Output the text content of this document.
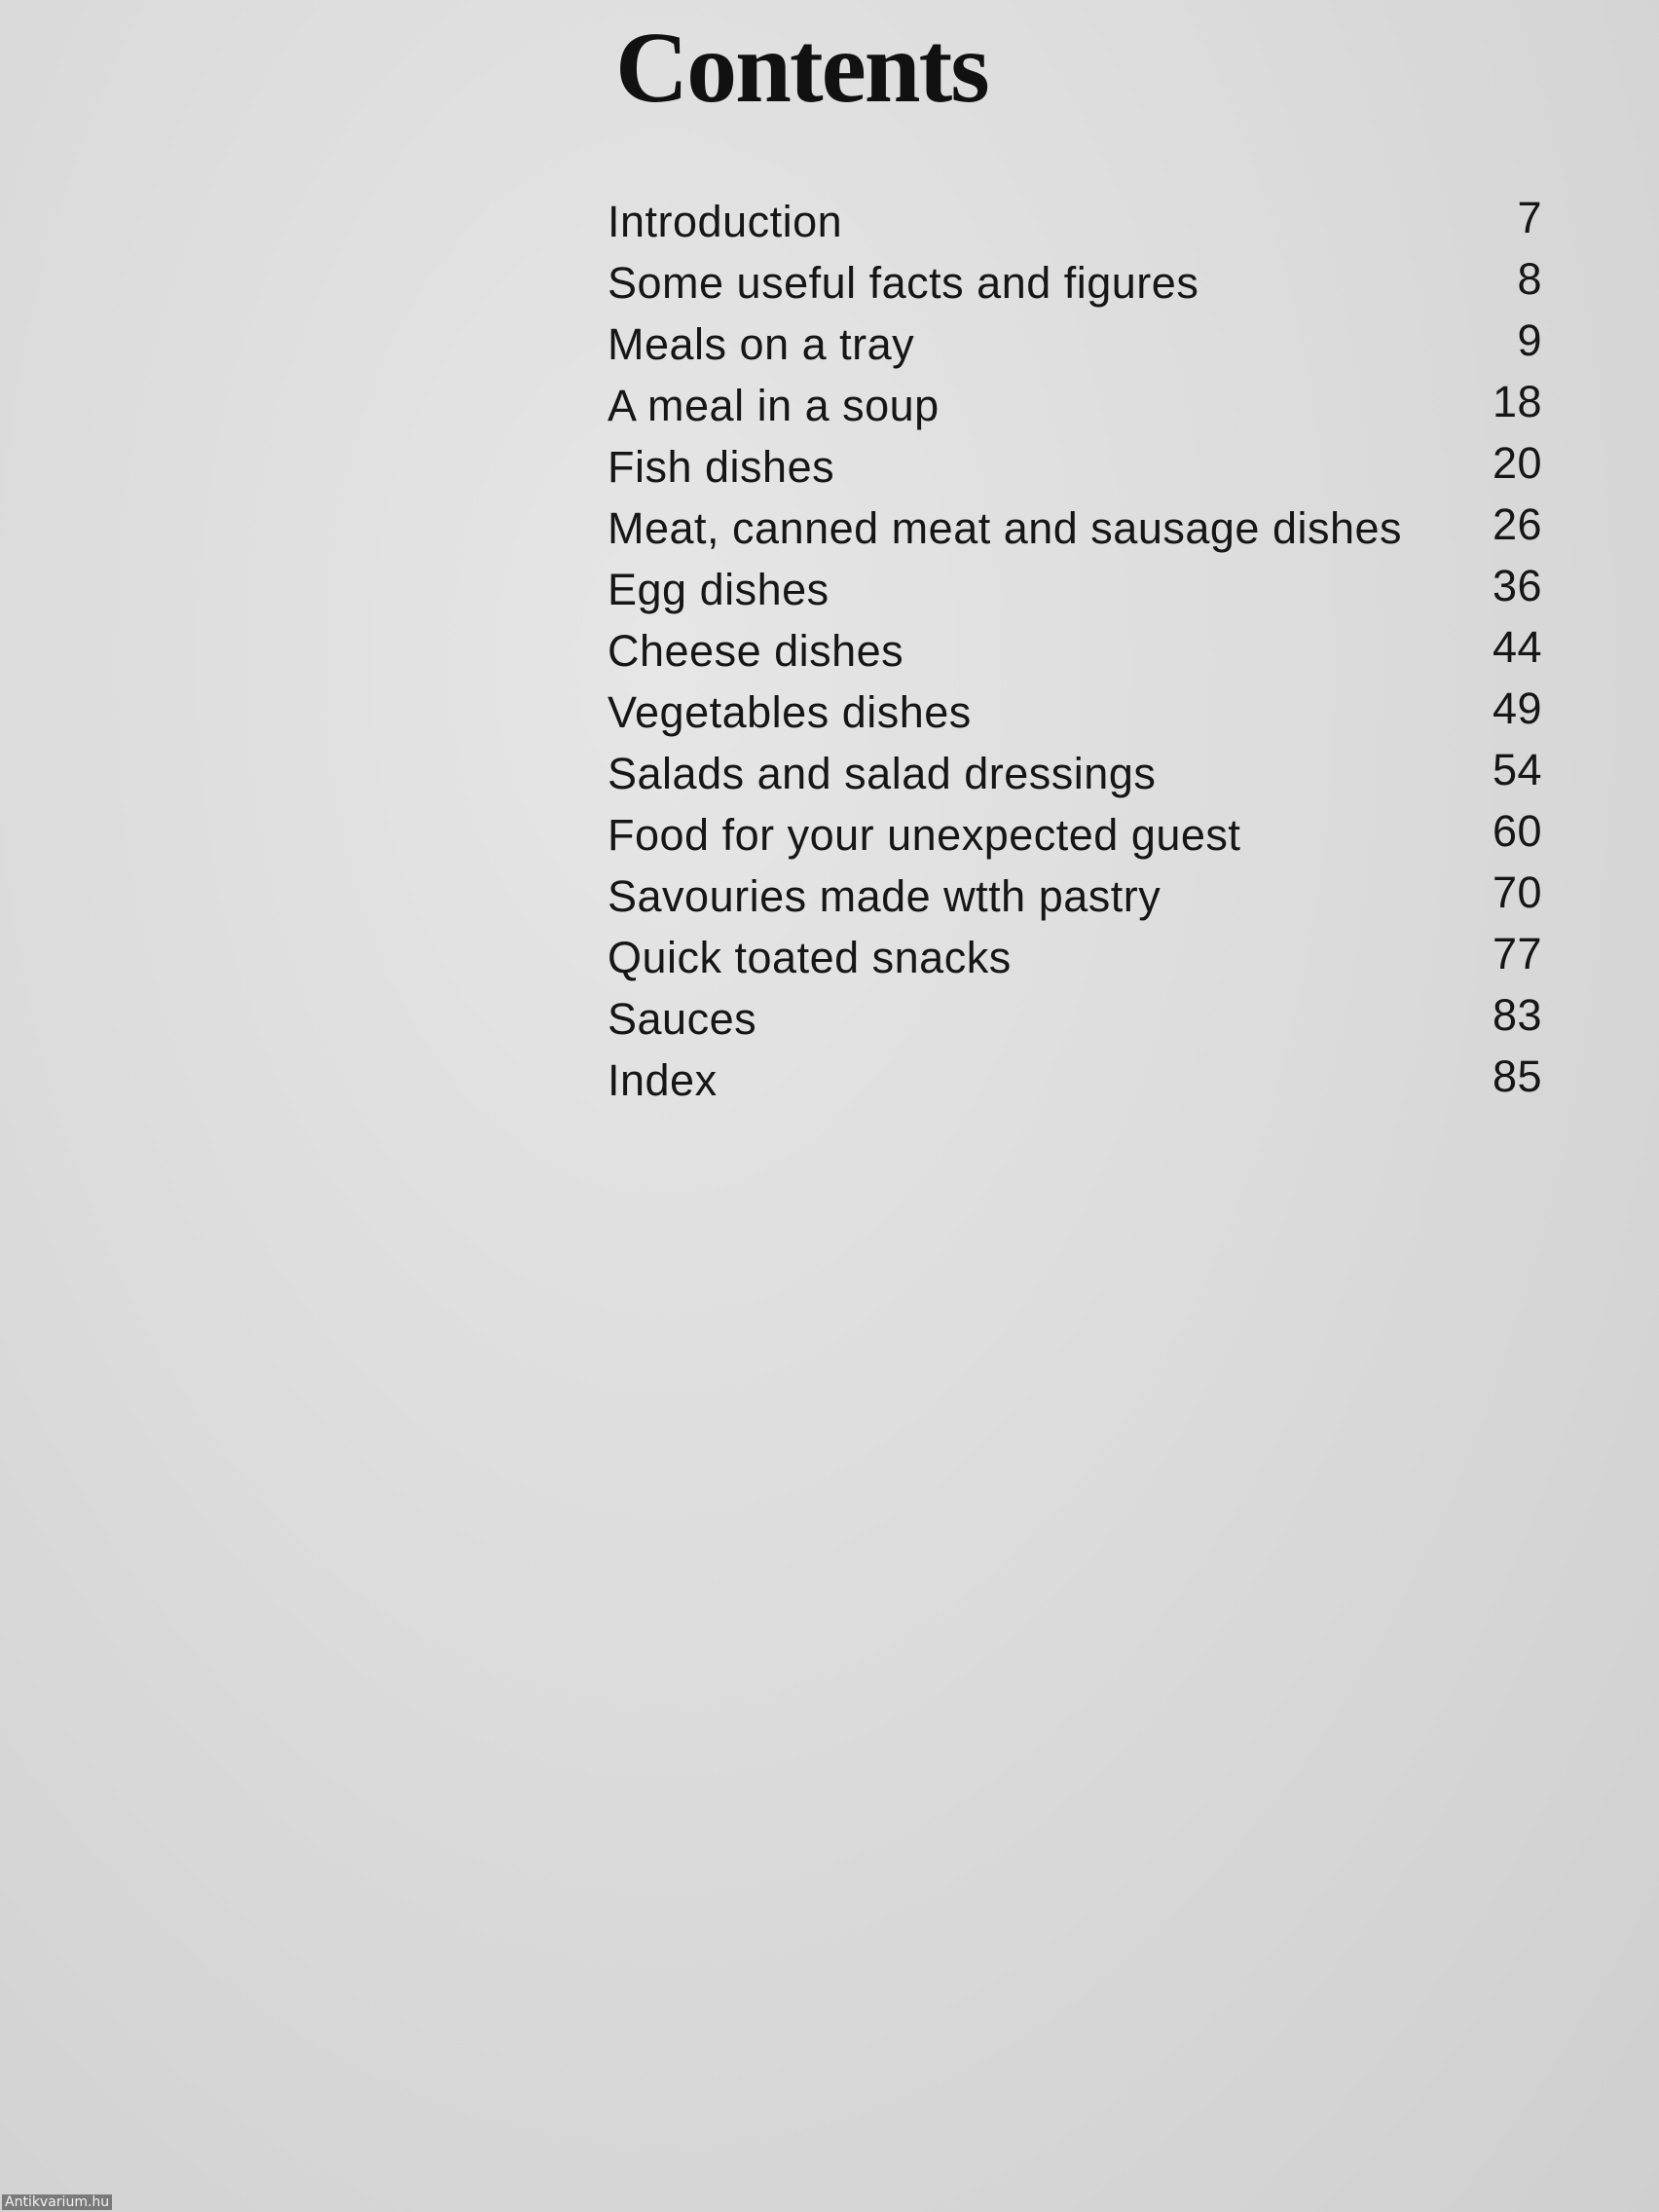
Contents
Introduction	7
Some useful facts and figures	8
Meals on a tray	9
A meal in a soup	18
Fish dishes	20
Meat, canned meat and sausage dishes 26
Egg dishes	36
Cheese dishes	44
Vegetables dishes	49
Salads and salad dressings	54
Food for your unexpected guest	60
Savouries made wtth pastry	70
Quick toated snacks	77
Sauces	83
Index	85
Antikvarium.hu
